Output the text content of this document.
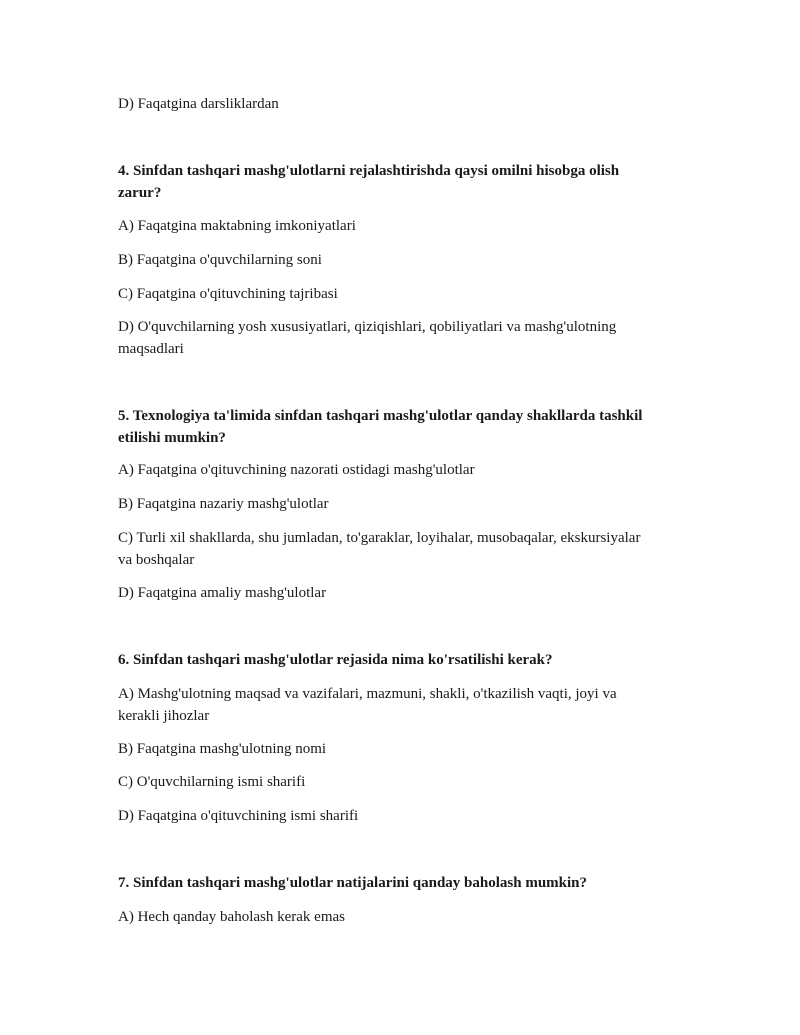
D) Faqatgina darsliklardan
4. Sinfdan tashqari mashg'ulotlarni rejalashtirishda qaysi omilni hisobga olish
zarur?
A) Faqatgina maktabning imkoniyatlari
B) Faqatgina o'quvchilarning soni
C) Faqatgina o'qituvchining tajribasi
D) O'quvchilarning yosh xususiyatlari, qiziqishlari, qobiliyatlari va mashg'ulotning
maqsadlari
5. Texnologiya ta'limida sinfdan tashqari mashg'ulotlar qanday shakllarda tashkil
etilishi mumkin?
A) Faqatgina o'qituvchining nazorati ostidagi mashg'ulotlar
B) Faqatgina nazariy mashg'ulotlar
C) Turli xil shakllarda, shu jumladan, to'garaklar, loyihalar, musobaqalar, ekskursiyalar
va boshqalar
D) Faqatgina amaliy mashg'ulotlar
6. Sinfdan tashqari mashg'ulotlar rejasida nima ko'rsatilishi kerak?
A) Mashg'ulotning maqsad va vazifalari, mazmuni, shakli, o'tkazilish vaqti, joyi va
kerakli jihozlar
B) Faqatgina mashg'ulotning nomi
C) O'quvchilarning ismi sharifi
D) Faqatgina o'qituvchining ismi sharifi
7. Sinfdan tashqari mashg'ulotlar natijalarini qanday baholash mumkin?
A) Hech qanday baholash kerak emas
